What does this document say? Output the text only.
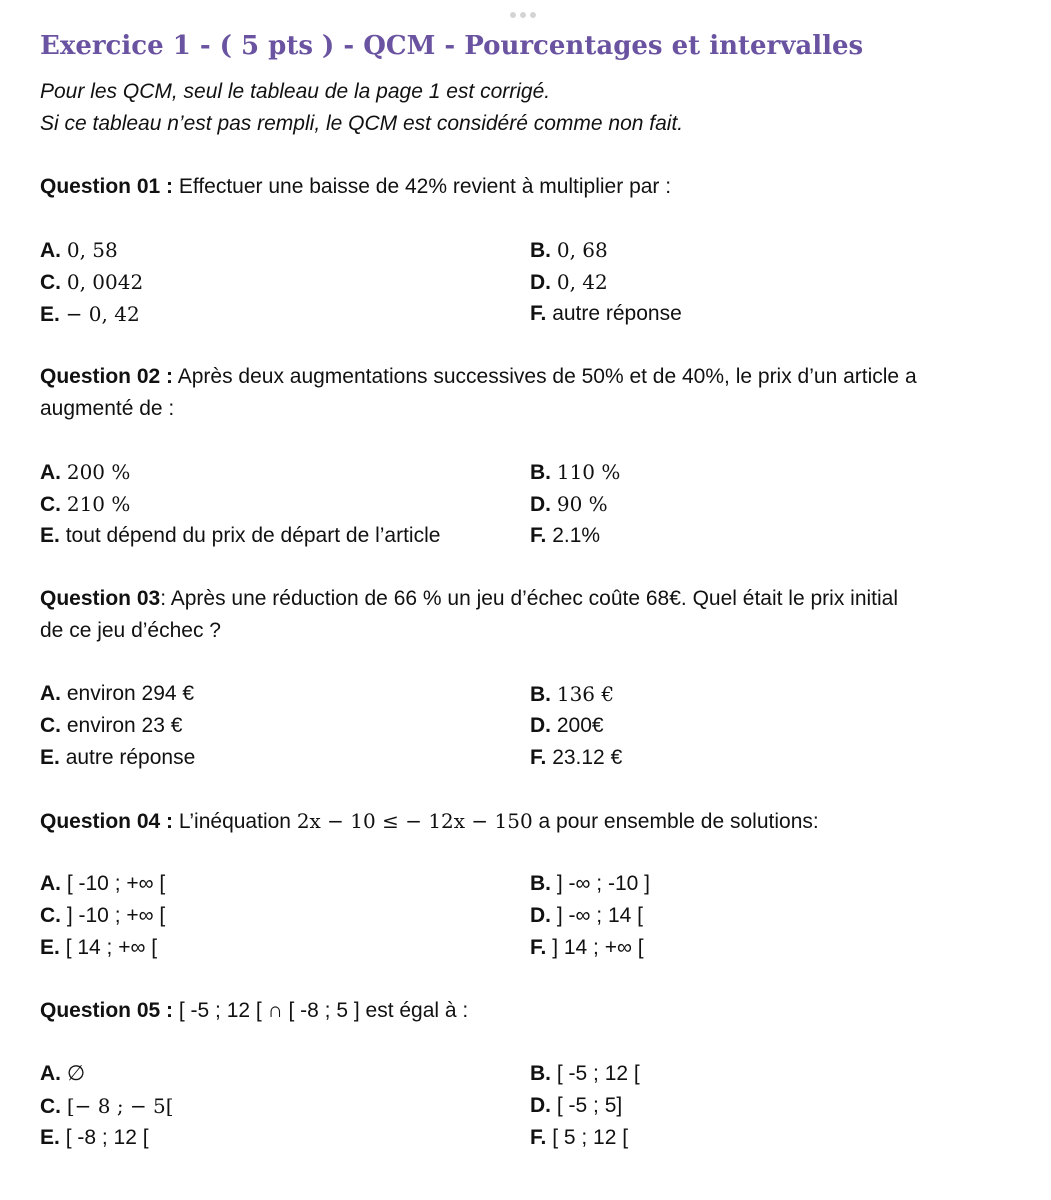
Exercice 1 - ( 5 pts ) - QCM - Pourcentages et intervalles
Pour les QCM, seul le tableau de la page 1 est corrigé.
Si ce tableau n’est pas rempli, le QCM est considéré comme non fait.
Question 01 : Effectuer une baisse de 42% revient à multiplier par :
A. 0, 58	B. 0, 68
C. 0, 0042	D. 0, 42
E. − 0, 42	F. autre réponse
Question 02 : Après deux augmentations successives de 50% et de 40%, le prix d’un article a
augmenté de :
A. 200 %	B. 110 %
C. 210 %	D. 90 %
E. tout dépend du prix de départ de l’article	F. 2.1%
Question 03: Après une réduction de 66 % un jeu d’échec coûte 68€. Quel était le prix initial
de ce jeu d’échec ?
A. environ 294 €	B. 136 €
C. environ 23 €	D. 200€
E. autre réponse	F. 23.12 €
Question 04 : L’inéquation 2x − 10 ≤ − 12x − 150 a pour ensemble de solutions:
A. [ -10 ; +∞ [	B. ] -∞ ; -10 ]
C. ] -10 ; +∞ [	D. ] -∞ ; 14 [
E. [ 14 ; +∞ [	F. ] 14 ; +∞ [
Question 05 : [ -5 ; 12 [ ∩ [ -8 ; 5 ] est égal à :
A. ∅	B. [ -5 ; 12 [
C. [− 8 ; − 5[	D. [ -5 ; 5]
E. [ -8 ; 12 [	F. [ 5 ; 12 [
